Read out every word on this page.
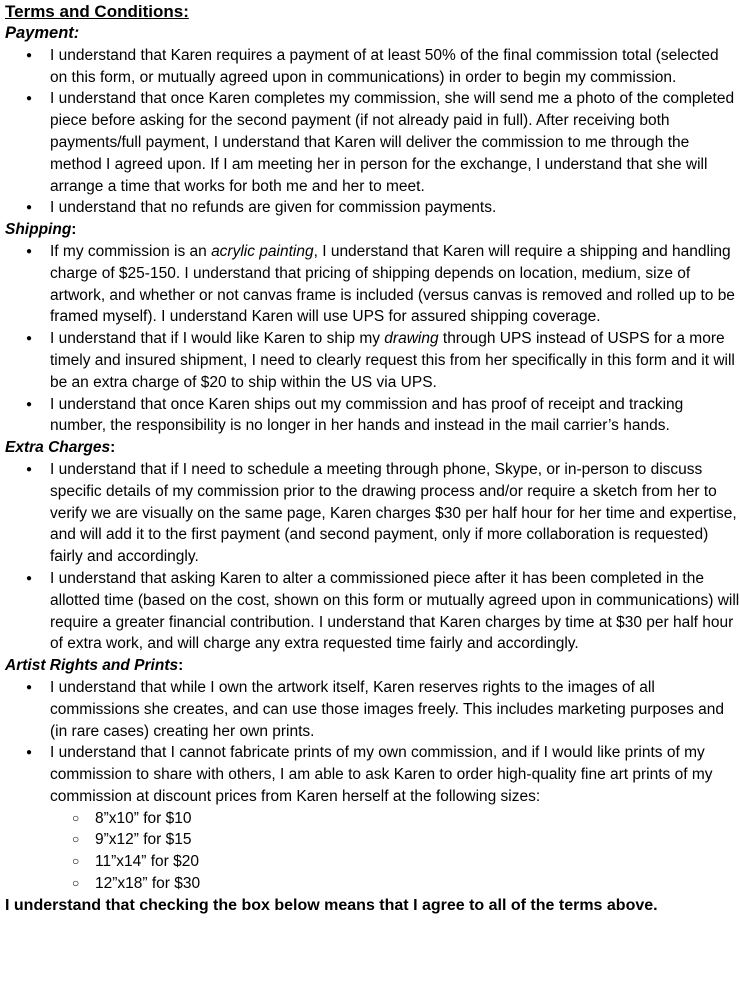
Terms and Conditions:
Payment:
● I understand that Karen requires a payment of at least 50% of the final commission total (selected on this form, or mutually agreed upon in communications) in order to begin my commission.
● I understand that once Karen completes my commission, she will send me a photo of the completed piece before asking for the second payment (if not already paid in full). After receiving both payments/full payment, I understand that Karen will deliver the commission to me through the method I agreed upon. If I am meeting her in person for the exchange, I understand that she will arrange a time that works for both me and her to meet.
● I understand that no refunds are given for commission payments.
Shipping:
● If my commission is an acrylic painting, I understand that Karen will require a shipping and handling charge of $25-150. I understand that pricing of shipping depends on location, medium, size of artwork, and whether or not canvas frame is included (versus canvas is removed and rolled up to be framed myself). I understand Karen will use UPS for assured shipping coverage.
● I understand that if I would like Karen to ship my drawing through UPS instead of USPS for a more timely and insured shipment, I need to clearly request this from her specifically in this form and it will be an extra charge of $20 to ship within the US via UPS.
● I understand that once Karen ships out my commission and has proof of receipt and tracking number, the responsibility is no longer in her hands and instead in the mail carrier’s hands.
Extra Charges:
● I understand that if I need to schedule a meeting through phone, Skype, or in-person to discuss specific details of my commission prior to the drawing process and/or require a sketch from her to verify we are visually on the same page, Karen charges $30 per half hour for her time and expertise, and will add it to the first payment (and second payment, only if more collaboration is requested) fairly and accordingly.
● I understand that asking Karen to alter a commissioned piece after it has been completed in the allotted time (based on the cost, shown on this form or mutually agreed upon in communications) will require a greater financial contribution. I understand that Karen charges by time at $30 per half hour of extra work, and will charge any extra requested time fairly and accordingly.
Artist Rights and Prints:
● I understand that while I own the artwork itself, Karen reserves rights to the images of all commissions she creates, and can use those images freely. This includes marketing purposes and (in rare cases) creating her own prints.
● I understand that I cannot fabricate prints of my own commission, and if I would like prints of my commission to share with others, I am able to ask Karen to order high-quality fine art prints of my commission at discount prices from Karen herself at the following sizes:
○ 8”x10” for $10
○ 9”x12” for $15
○ 11”x14” for $20
○ 12”x18” for $30
I understand that checking the box below means that I agree to all of the terms above.
